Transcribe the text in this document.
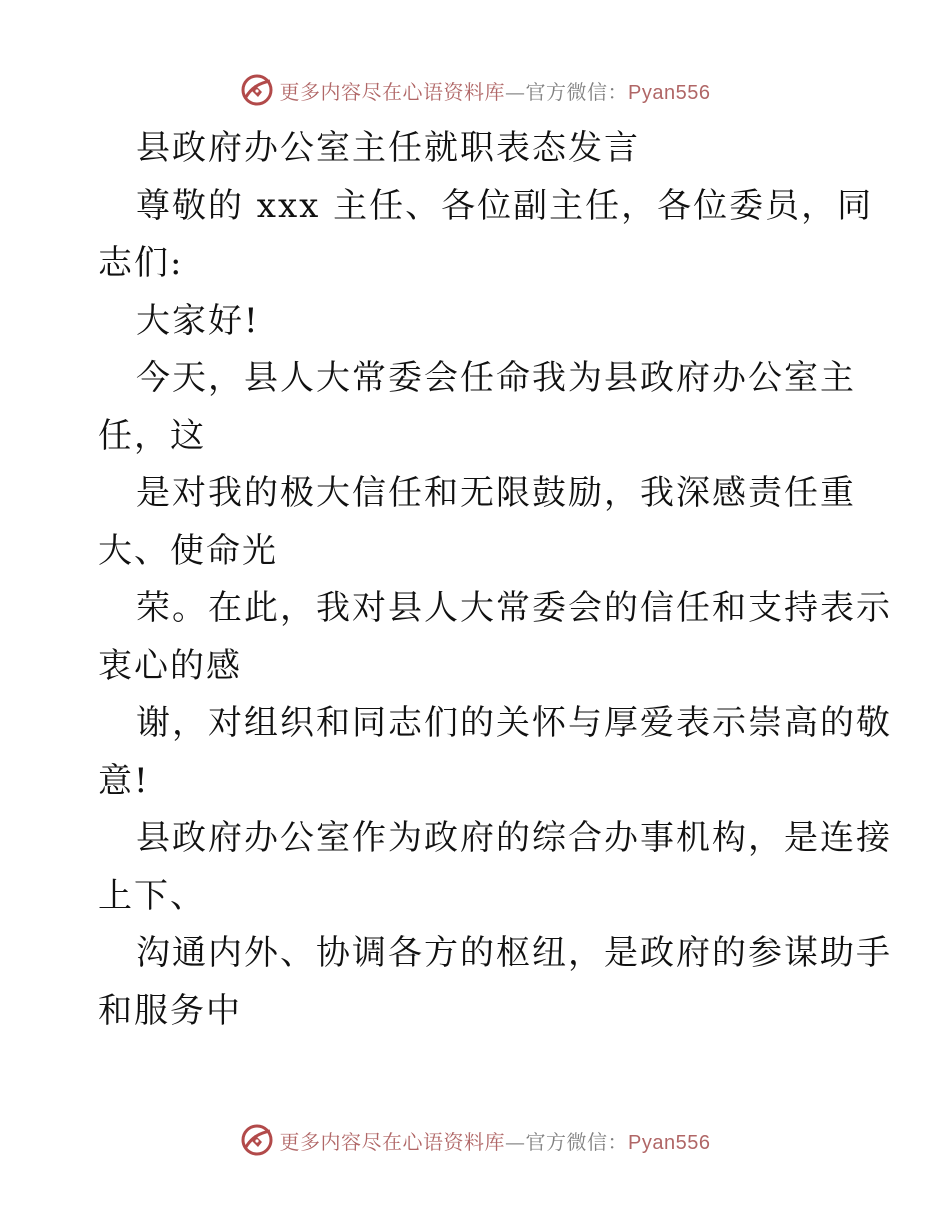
更多内容尽在心语资料库—官方微信：Pyan556
县政府办公室主任就职表态发言
尊敬的 xxx 主任、各位副主任，各位委员，同
志们:
大家好!
今天，县人大常委会任命我为县政府办公室主
任，这
是对我的极大信任和无限鼓励，我深感责任重
大、使命光
荣。在此，我对县人大常委会的信任和支持表示
衷心的感
谢，对组织和同志们的关怀与厚爱表示崇高的敬
意!
县政府办公室作为政府的综合办事机构，是连接
上下、
沟通内外、协调各方的枢纽，是政府的参谋助手
和服务中
更多内容尽在心语资料库—官方微信：Pyan556
